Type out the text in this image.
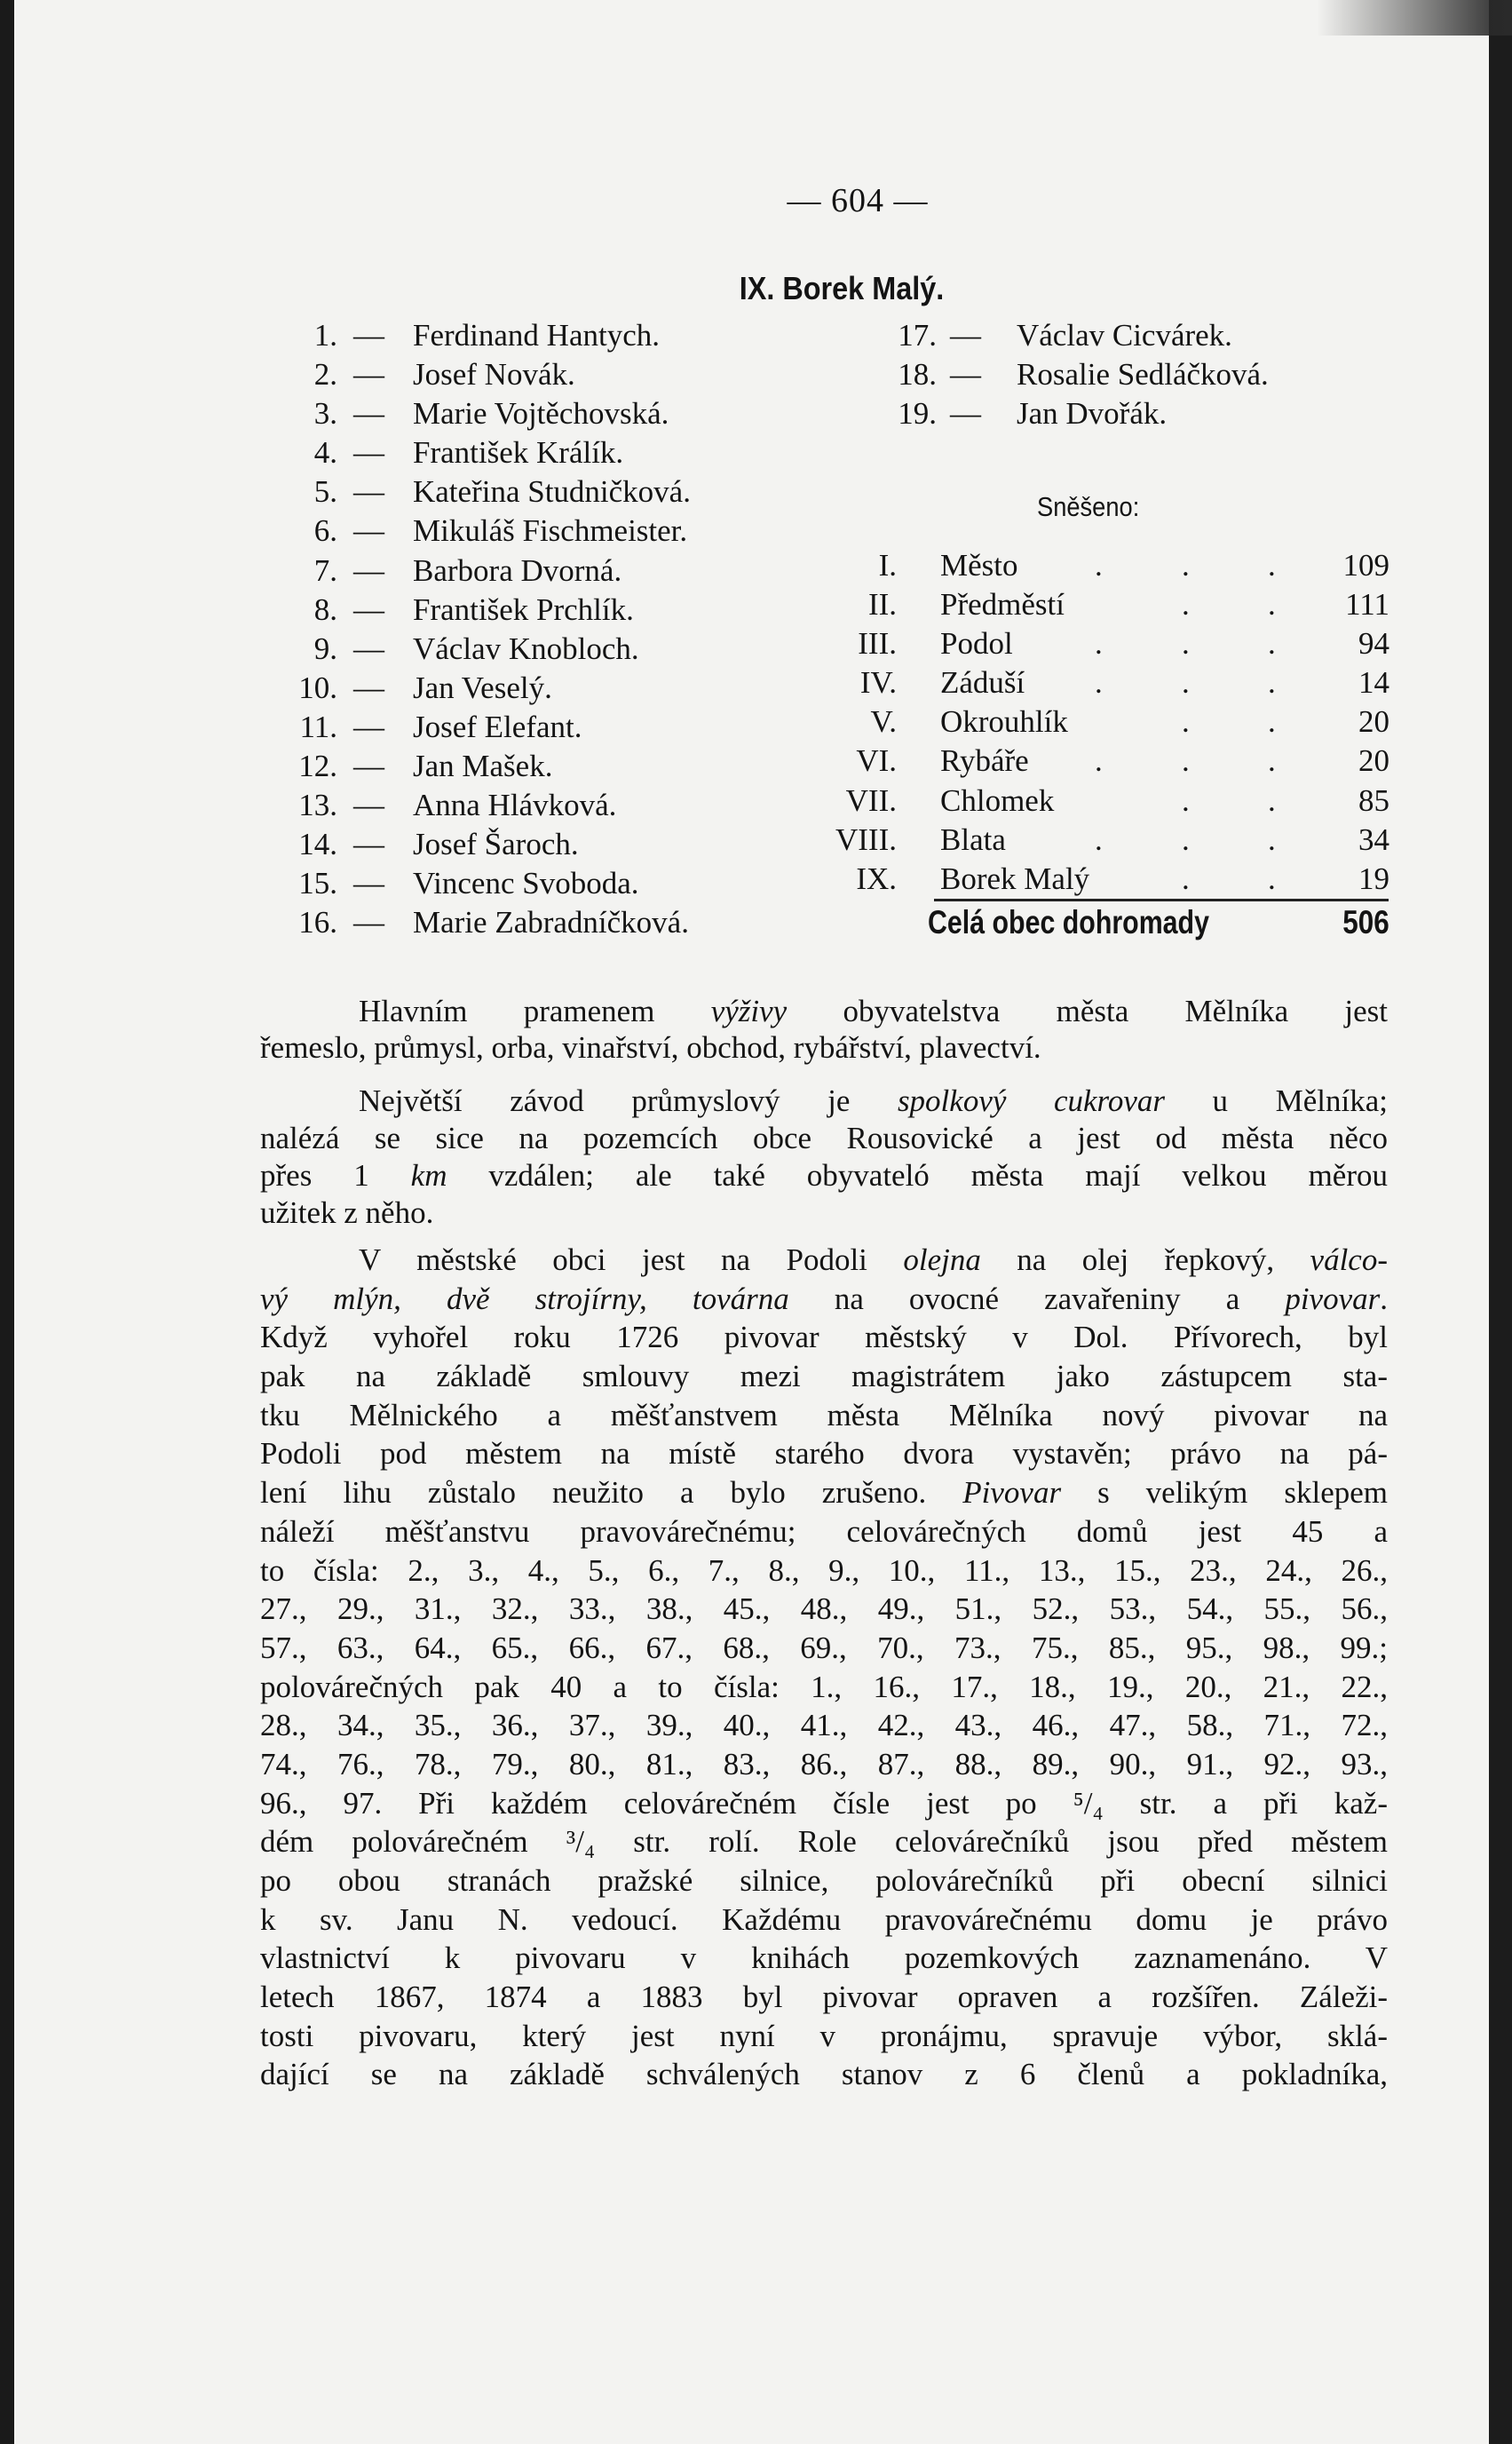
— 604 —
IX. Borek Malý.
1. — Ferdinand Hantych.
2. — Josef Novák.
3. — Marie Vojtěchovská.
4. — František Králík.
5. — Kateřina Studničková.
6. — Mikuláš Fischmeister.
7. — Barbora Dvorná.
8. — František Prchlík.
9. — Václav Knobloch.
10. — Jan Veselý.
11. — Josef Elefant.
12. — Jan Mašek.
13. — Anna Hlávková.
14. — Josef Šaroch.
15. — Vincenc Svoboda.
16. — Marie Zabradníčková.
17. — Václav Cicvárek.
18. — Rosalie Sedláčková.
19. — Jan Dvořák.
Sněšeno:
I. Město .	.	. 109
II. Předměstí	.	. 111
III. Podol	.	.	.	94
IV. Záduší .	.	.	14
V. Okrouhlík	.	.	20
VI. Rybáře .	.	.	20
VII. Chlomek	.	.	85
VIII. Blata	.	.	.	34
IX. Borek Malý	.	.	19
Celá obec dohromady	506
Hlavním pramenem výživy obyvatelstva města Mělníka jest
řemeslo, průmysl, orba, vinařství, obchod, rybářství, plavectví.
Největší závod průmyslový je spolkový cukrovar u Mělníka;
nalézá se sice na pozemcích obce Rousovické a jest od města něco
přes 1 km vzdálen; ale také obyvateló města mají velkou měrou
užitek z něho.
V městské obci jest na Podoli olejna na olej řepkový, válco-
vý mlýn, dvě strojírny, továrna na ovocné zavařeniny a pivovar.
Když vyhořel roku 1726 pivovar městský v Dol. Přívorech, byl
pak na základě smlouvy mezi magistrátem jako zástupcem sta-
tku Mělnického a měšťanstvem města Mělníka nový pivovar na
Podoli pod městem na místě starého dvora vystavěn; právo na pá-
lení lihu zůstalo neužito a bylo zrušeno. Pivovar s velikým sklepem
náleží měšťanstvu pravovárečnému; celovárečných domů jest 45 a
to čísla: 2., 3., 4., 5., 6., 7., 8., 9., 10., 11., 13., 15., 23., 24., 26.,
27., 29., 31., 32., 33., 38., 45., 48., 49., 51., 52., 53., 54., 55., 56.,
57., 63., 64., 65., 66., 67., 68., 69., 70., 73., 75., 85., 95., 98., 99.;
polovárečných pak 40 a to čísla: 1., 16., 17., 18., 19., 20., 21., 22.,
28., 34., 35., 36., 37., 39., 40., 41., 42., 43., 46., 47., 58., 71., 72.,
74., 76., 78., 79., 80., 81., 83., 86., 87., 88., 89., 90., 91., 92., 93.,
96., 97. Při každém celovárečném čísle jest po ⁵/₄ str. a při kaž-
dém polovárečném ³/₄ str. rolí. Role celovárečníků jsou před městem
po obou stranách pražské silnice, polovárečníků při obecní silnici
k sv. Janu N. vedoucí. Každému pravovárečnému domu je právo
vlastnictví k pivovaru v knihách pozemkových zaznamenáno. V
letech 1867, 1874 a 1883 byl pivovar opraven a rozšířen. Záleži-
tosti pivovaru, který jest nyní v pronájmu, spravuje výbor, sklá-
dající se na základě schválených stanov z 6 členů a pokladníka,
